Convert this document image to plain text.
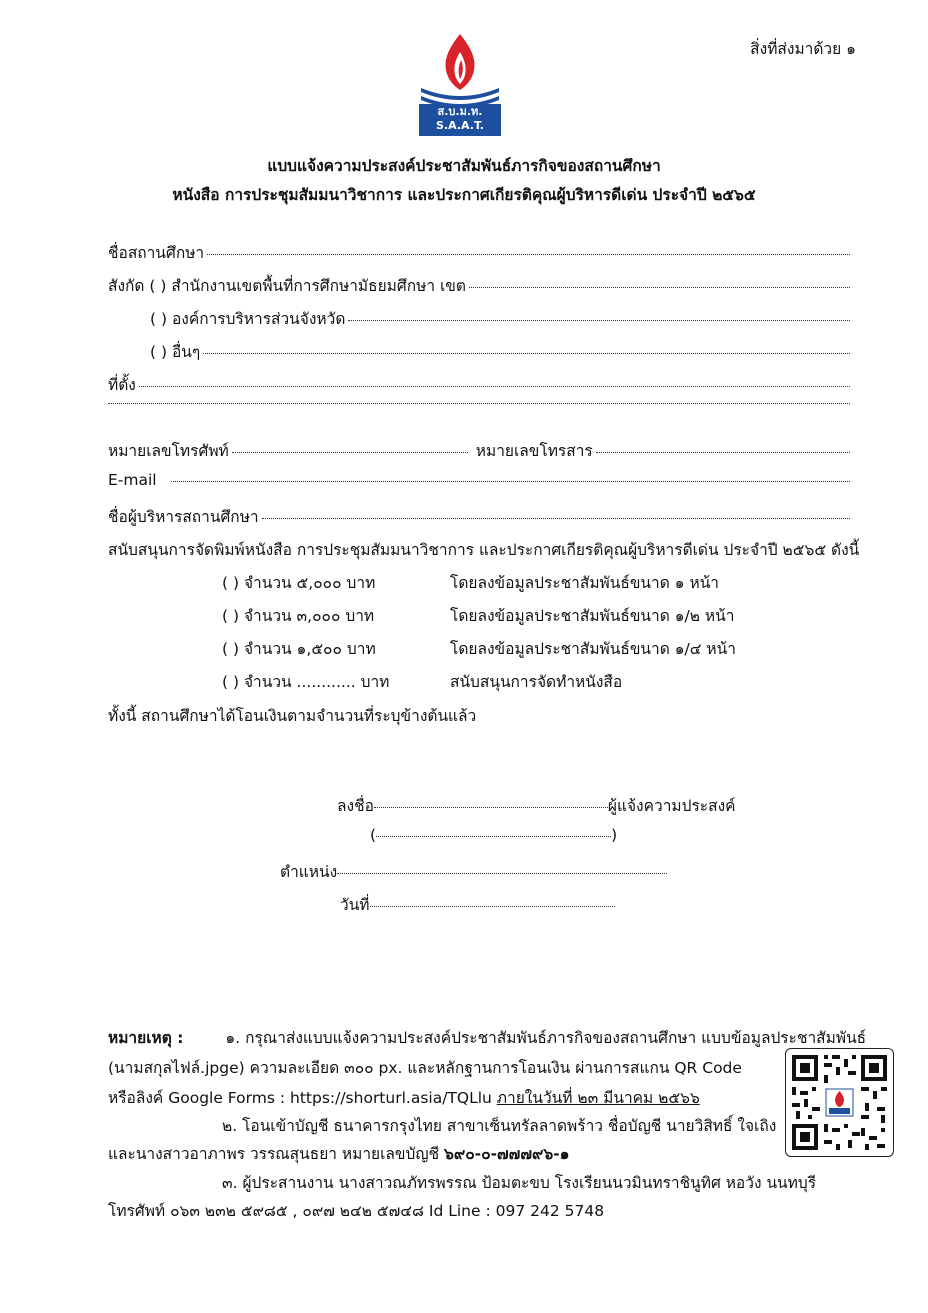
สิ่งที่ส่งมาด้วย ๑
ส.บ.ม.ท.
S.A.A.T.
แบบแจ้งความประสงค์ประชาสัมพันธ์ภารกิจของสถานศึกษา
หนังสือ การประชุมสัมมนาวิชาการ และประกาศเกียรติคุณผู้บริหารดีเด่น ประจำปี ๒๕๖๕
ชื่อสถานศึกษา
สังกัด ( ) สำนักงานเขตพื้นที่การศึกษามัธยมศึกษา เขต
( ) องค์การบริหารส่วนจังหวัด
( ) อื่นๆ
ที่ตั้ง
หมายเลขโทรศัพท์	หมายเลขโทรสาร
E-mail
ชื่อผู้บริหารสถานศึกษา
สนับสนุนการจัดพิมพ์หนังสือ การประชุมสัมมนาวิชาการ และประกาศเกียรติคุณผู้บริหารดีเด่น ประจำปี ๒๕๖๕ ดังนี้
( ) จำนวน ๕,๐๐๐ บาท	โดยลงข้อมูลประชาสัมพันธ์ขนาด ๑ หน้า
( ) จำนวน ๓,๐๐๐ บาท	โดยลงข้อมูลประชาสัมพันธ์ขนาด ๑/๒ หน้า
( ) จำนวน ๑,๕๐๐ บาท	โดยลงข้อมูลประชาสัมพันธ์ขนาด ๑/๔ หน้า
( ) จำนวน ............ บาท	สนับสนุนการจัดทำหนังสือ
ทั้งนี้ สถานศึกษาได้โอนเงินตามจำนวนที่ระบุข้างต้นแล้ว
ลงชื่อ	ผู้แจ้งความประสงค์
(	)
ตำแหน่ง
วันที่
หมายเหตุ :	๑. กรุณาส่งแบบแจ้งความประสงค์ประชาสัมพันธ์ภารกิจของสถานศึกษา แบบข้อมูลประชาสัมพันธ์
(นามสกุลไฟล์.jpge) ความละเอียด ๓๐๐ px. และหลักฐานการโอนเงิน ผ่านการสแกน QR Code
หรือลิงค์ Google Forms : https://shorturl.asia/TQLlu ภายในวันที่ ๒๓ มีนาคม ๒๕๖๖
๒. โอนเข้าบัญชี ธนาคารกรุงไทย สาขาเซ็นทรัลลาดพร้าว ชื่อบัญชี นายวิสิทธิ์ ใจเถิง
และนางสาวอาภาพร วรรณสุนธยา หมายเลขบัญชี ๖๙๐-๐-๗๗๗๙๖-๑
๓. ผู้ประสานงาน นางสาวณภัทรพรรณ ป้อมตะขบ โรงเรียนนวมินทราชินูทิศ หอวัง นนทบุรี
โทรศัพท์ ๐๖๓ ๒๓๒ ๕๙๘๕ , ๐๙๗ ๒๔๒ ๕๗๔๘ Id Line : 097 242 5748
